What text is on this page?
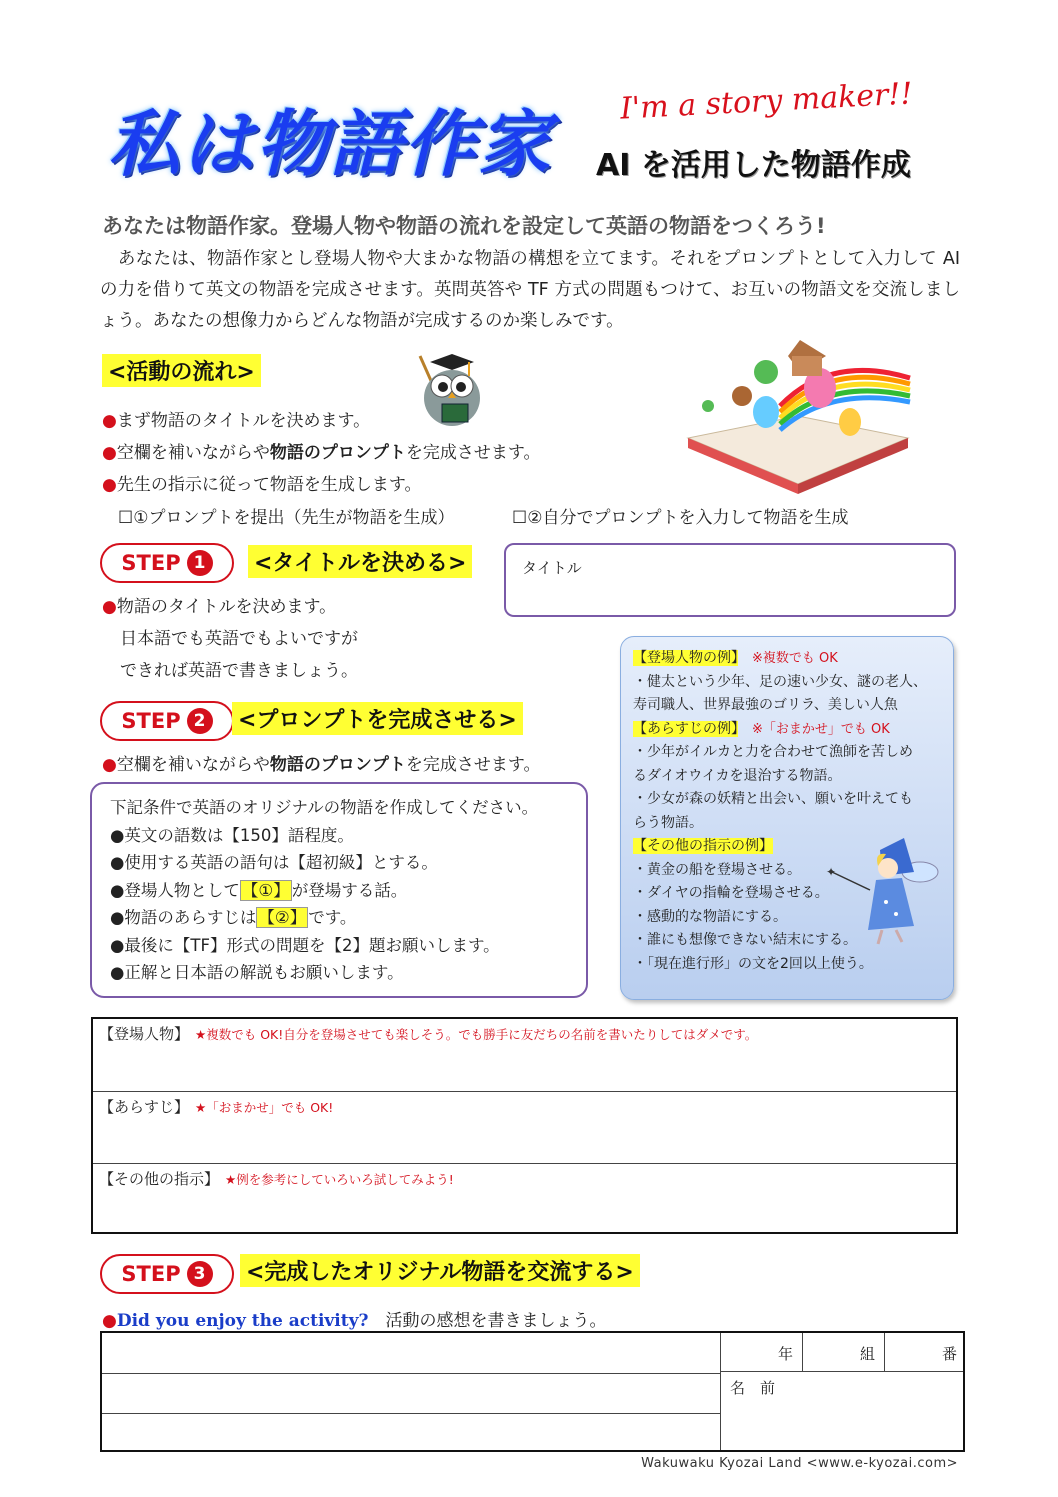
私は物語作家 I'm a story maker!!
AI を活用した物語作成
あなたは物語作家。登場人物や物語の流れを設定して英語の物語をつくろう!
　あなたは、物語作家とし登場人物や大まかな物語の構想を立てます。それをプロンプトとして入力して AI の力を借りて英文の物語を完成させます。英問英答や TF 方式の問題もつけて、お互いの物語文を交流しましょう。あなたの想像力からどんな物語が完成するのか楽しみです。
<活動の流れ>
●まず物語のタイトルを決めます。
●空欄を補いながらや物語のプロンプトを完成させます。
●先生の指示に従って物語を生成します。
☐①プロンプトを提出（先生が物語を生成）	☐②自分でプロンプトを入力して物語を生成
STEP 1	<タイトルを決める>	タイトル
●物語のタイトルを決めます。
日本語でも英語でもよいですが
できれば英語で書きましょう。
【登場人物の例】　 ※複数でも OK
・健太という少年、足の速い少女、謎の老人、
寿司職人、世界最強のゴリラ、美しい人魚
【あらすじの例】　 ※「おまかせ」でも OK
・少年がイルカと力を合わせて漁師を苦しめ
るダイオウイカを退治する物語。
・少女が森の妖精と出会い、願いを叶えても
らう物語。
【その他の指示の例】
・黄金の船を登場させる。
・ダイヤの指輪を登場させる。
・感動的な物語にする。
・誰にも想像できない結末にする。
・「現在進行形」の文を2回以上使う。
✦
STEP 2	<プロンプトを完成させる>
●空欄を補いながらや物語のプロンプトを完成させます。
下記条件で英語のオリジナルの物語を作成してください。
●英文の語数は【150】語程度。
●使用する英語の語句は【超初級】とする。
●登場人物として 【①】 が登場する話。
●物語のあらすじは 【②】 です。
●最後に【TF】形式の問題を【2】題お願いします。
●正解と日本語の解説もお願いします。
【登場人物】 ★複数でも OK!自分を登場させても楽しそう。でも勝手に友だちの名前を書いたりしてはダメです。
【あらすじ】 ★「おまかせ」でも OK!
【その他の指示】 ★例を参考にしていろいろ試してみよう!
STEP 3	<完成したオリジナル物語を交流する>
●Did you enjoy the activity?　 活動の感想を書きましょう。
年	組	番
名　前
Wakuwaku Kyozai Land <www.e-kyozai.com>
